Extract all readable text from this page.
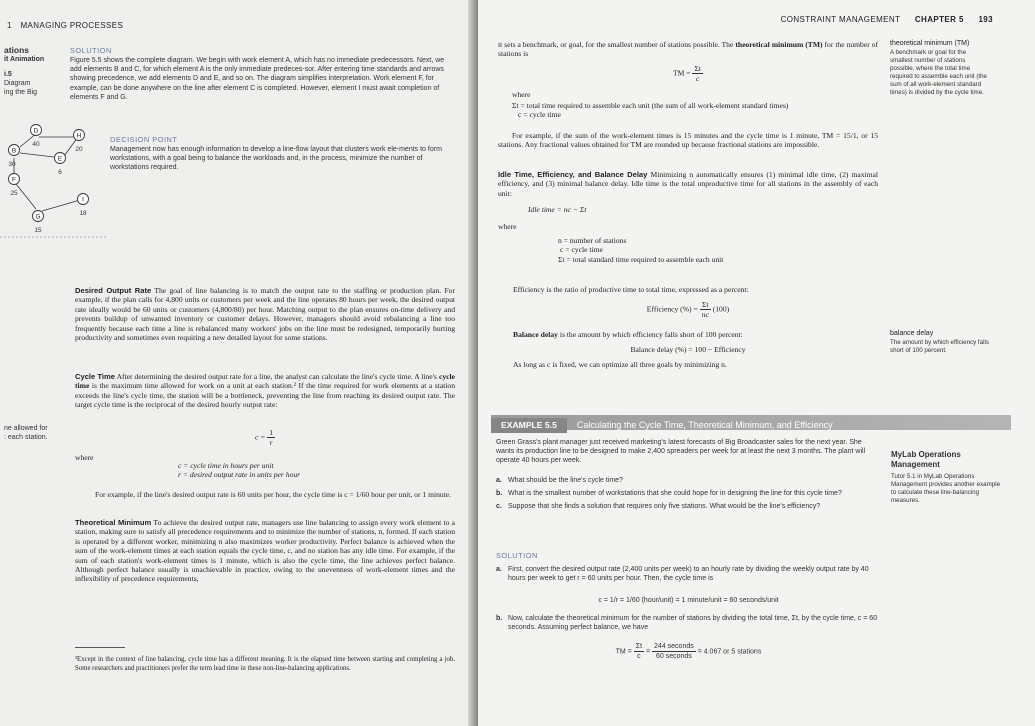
1 MANAGING PROCESSES
ations
it Animation
i.5
Diagram
ing the Big
ne allowed for
: each station.
SOLUTION
Figure 5.5 shows the complete diagram. We begin with work element A, which has no immediate predecessors. Next, we add elements B and C, for which element A is the only immediate predeces-sor. After entering time standards and arrows showing precedence, we add elements D and E, and so on. The diagram simplifies interpretation. Work element F, for example, can be done anywhere on the line after element C is completed. However, element I must await completion of elements F and G.
DECISION POINT
Management now has enough information to develop a line-flow layout that clusters work ele-ments to form workstations, with a goal being to balance the workloads and, in the process, minimize the number of workstations required.
D
H
B
E
F
I
G
40
20
30
6
25
18
15
Desired Output Rate The goal of line balancing is to match the output rate to the staffing or production plan. For example, if the plan calls for 4,800 units or customers per week and the line operates 80 hours per week, the desired output rate ideally would be 60 units or customers (4,800/80) per hour. Matching output to the plan ensures on-time delivery and prevents buildup of unwanted inventory or customer delays. However, managers should avoid rebalancing a line too frequently because each time a line is rebalanced many workers' jobs on the line must be redesigned, temporarily hurting productivity and sometimes even requiring a new detailed layout for some stations.
Cycle Time After determining the desired output rate for a line, the analyst can calculate the line's cycle time. A line's cycle time is the maximum time allowed for work on a unit at each station.² If the time required for work elements at a station exceeds the line's cycle time, the station will be a bottleneck, preventing the line from reaching its desired output rate. The target cycle time is the reciprocal of the desired hourly output rate:
$c = \frac{1}{r}$
where
c = cycle time in hours per unit
r = desired output rate in units per hour
For example, if the line's desired output rate is 60 units per hour, the cycle time is c = 1/60 hour per unit, or 1 minute.
Theoretical Minimum To achieve the desired output rate, managers use line balancing to assign every work element to a station, making sure to satisfy all precedence requirements and to minimize the number of stations, n, formed. If each station is operated by a different worker, minimizing n also maximizes worker productivity. Perfect balance is achieved when the sum of the work-element times at each station equals the cycle time, c, and no station has any idle time. For example, if the sum of each station's work-element times is 1 minute, which is also the cycle time, the line achieves perfect balance. Although perfect balance usually is unachievable in practice, owing to the unevenness of work-element times and the inflexibility of precedence requirements,
²Except in the context of line balancing, cycle time has a different meaning. It is the elapsed time between starting and completing a job. Some researchers and practitioners prefer the term lead time in these non-line-balancing applications.
CONSTRAINT MANAGEMENT CHAPTER 5 193
it sets a benchmark, or goal, for the smallest number of stations possible. The theoretical minimum (TM) for the number of stations is
TM = $\frac{\Sigma t}{c}$
where
Σt = total time required to assemble each unit (the sum of all work-element standard times)
c = cycle time
For example, if the sum of the work-element times is 15 minutes and the cycle time is 1 minute, TM = 15/1, or 15 stations. Any fractional values obtained for TM are rounded up because fractional stations are impossible.
Idle Time, Efficiency, and Balance Delay Minimizing n automatically ensures (1) minimal idle time, (2) maximal efficiency, and (3) minimal balance delay. Idle time is the total unproductive time for all stations in the assembly of each unit:
Idle time = nc − Σt
where
n = number of stations
c = cycle time
Σt = total standard time required to assemble each unit
Efficiency is the ratio of productive time to total time, expressed as a percent:
Efficiency (%) = $\frac{\Sigma t}{nc} (100)$
Balance delay is the amount by which efficiency falls short of 100 percent:
Balance delay (%) = 100 − Efficiency
As long as c is fixed, we can optimize all three goals by minimizing n.
theoretical minimum (TM)
A benchmark or goal for the smallest number of stations possible, where the total time required to assemble each unit (the sum of all work-element standard times) is divided by the cycle time.
balance delay
The amount by which efficiency falls short of 100 percent.
EXAMPLE 5.5 Calculating the Cycle Time, Theoretical Minimum, and Efficiency
Green Grass's plant manager just received marketing's latest forecasts of Big Broadcaster sales for the next year. She wants its production line to be designed to make 2,400 spreaders per week for at least the next 3 months. The plant will operate 40 hours per week.
a. What should be the line's cycle time?
b. What is the smallest number of workstations that she could hope for in designing the line for this cycle time?
c. Suppose that she finds a solution that requires only five stations. What would be the line's efficiency?
SOLUTION
a. First, convert the desired output rate (2,400 units per week) to an hourly rate by dividing the weekly output rate by 40 hours per week to get r = 60 units per hour. Then, the cycle time is
c = 1/r = 1/60 (hour/unit) = 1 minute/unit = 60 seconds/unit
b. Now, calculate the theoretical minimum for the number of stations by dividing the total time, Σt, by the cycle time, c = 60 seconds. Assuming perfect balance, we have
TM = $\frac{\Sigma t}{c} = \frac{\text{244 seconds}}{\text{60 seconds}} = 4.067$ or 5 stations
MyLab Operations Management
Tutor 5.1 in MyLab Operations Management provides another example to calculate these line-balancing measures.
